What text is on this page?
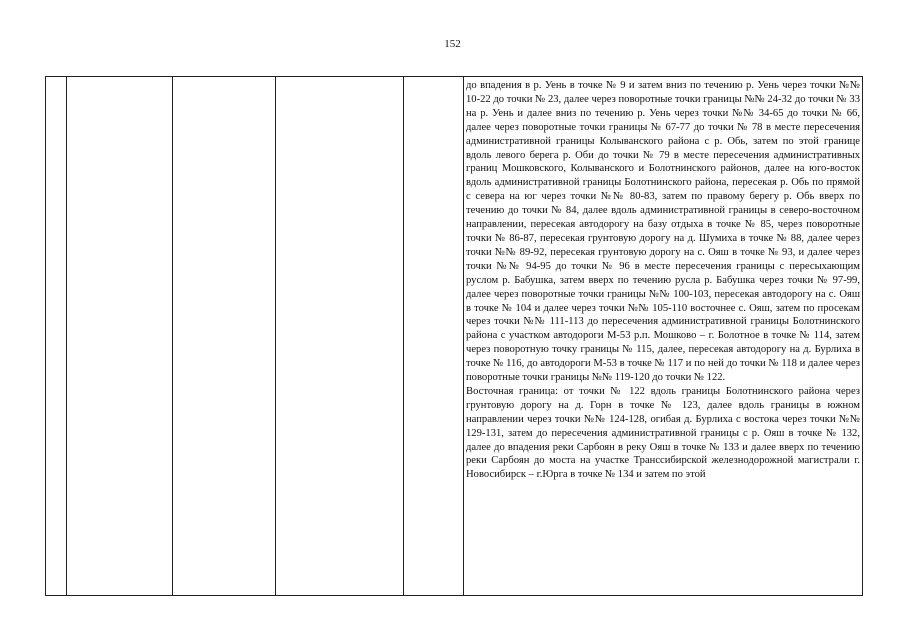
152

до впадения в р. Уень в точке № 9 и затем вниз по течению р. Уень через точки №№ 10-22 до точки № 23, далее через поворотные точки границы №№ 24-32 до точки № 33 на р. Уень и далее вниз по течению р. Уень через точки №№ 34-65 до точки № 66, далее через поворотные точки границы № 67-77 до точки № 78 в месте пересечения административной границы Колыванского района с р. Обь, затем по этой границе вдоль левого берега р. Оби до точки № 79 в месте пересечения административных границ Мошковского, Колыванского и Болотнинского районов, далее на юго-восток вдоль административной границы Болотнинского района, пересекая р. Обь по прямой с севера на юг через точки №№ 80-83, затем по правому берегу р. Обь вверх по течению до точки № 84, далее вдоль административной границы в северо-восточном направлении, пересекая автодорогу на базу отдыха в точке № 85, через поворотные точки № 86-87, пересекая грунтовую дорогу на д. Шумиха в точке № 88, далее через точки №№ 89-92, пересекая грунтовую дорогу на с. Ояш в точке № 93, и далее через точки №№ 94-95 до точки № 96 в месте пересечения границы с пересыхающим руслом р. Бабушка, затем вверх по течению русла р. Бабушка через точки № 97-99, далее через поворотные точки границы №№ 100-103, пересекая автодорогу на с. Ояш в точке № 104 и далее через точки №№ 105-110 восточнее с. Ояш, затем по просекам через точки №№ 111-113 до пересечения административной границы Болотнинского района с участком автодороги М-53 р.п. Мошково – г. Болотное в точке № 114, затем через поворотную точку границы № 115, далее, пересекая автодорогу на д. Бурлиха в точке № 116, до автодороги М-53 в точке № 117 и по ней до точки № 118 и далее через поворотные точки границы №№ 119-120 до точки № 122.

Восточная граница: от точки № 122 вдоль границы Болотнинского района через грунтовую дорогу на д. Горн в точке № 123, далее вдоль границы в южном направлении через точки №№ 124-128, огибая д. Бурлиха с востока через точки №№ 129-131, затем до пересечения административной границы с р. Ояш в точке № 132, далее до впадения реки Сарбоян в реку Ояш в точке № 133 и далее вверх по течению реки Сарбоян до моста на участке Транссибирской железнодорожной магистрали г. Новосибирск – г.Юрга в точке № 134 и затем по этой
